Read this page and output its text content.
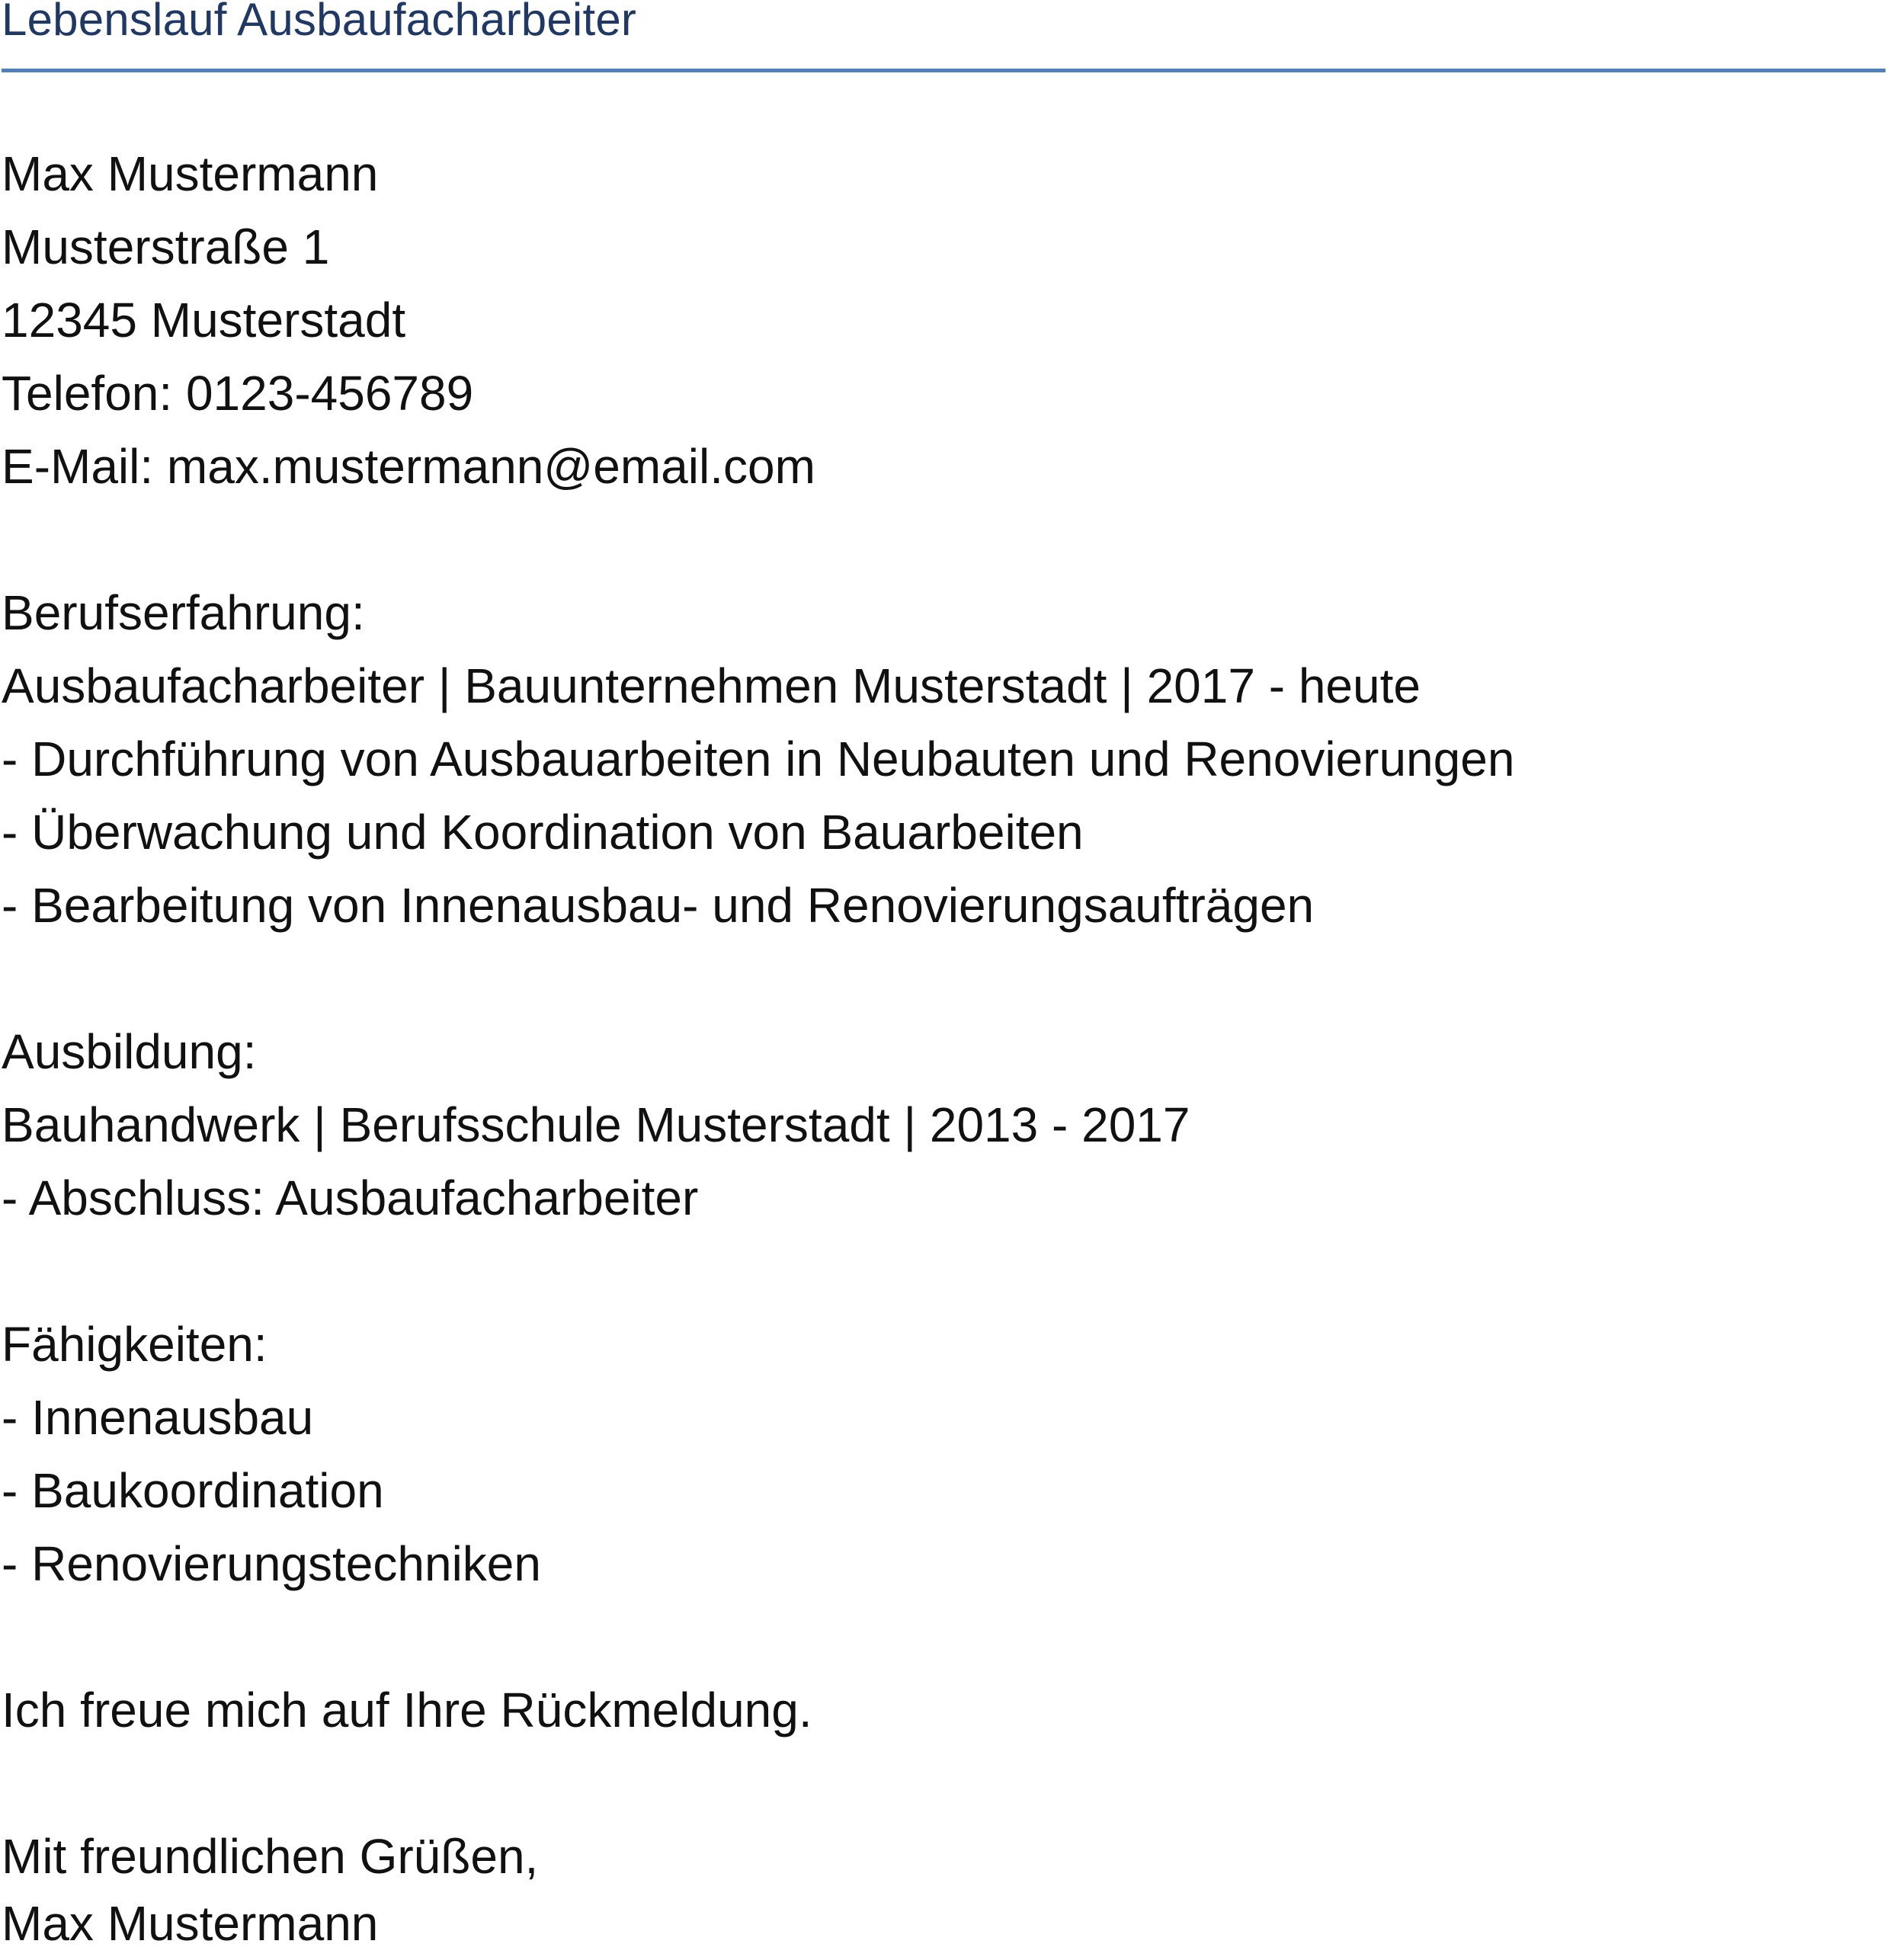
Lebenslauf Ausbaufacharbeiter
Max Mustermann
Musterstraße 1
12345 Musterstadt
Telefon: 0123-456789
E-Mail: max.mustermann@email.com
Berufserfahrung:
Ausbaufacharbeiter | Bauunternehmen Musterstadt | 2017 - heute
- Durchführung von Ausbauarbeiten in Neubauten und Renovierungen
- Überwachung und Koordination von Bauarbeiten
- Bearbeitung von Innenausbau- und Renovierungsaufträgen
Ausbildung:
Bauhandwerk | Berufsschule Musterstadt | 2013 - 2017
- Abschluss: Ausbaufacharbeiter
Fähigkeiten:
- Innenausbau
- Baukoordination
- Renovierungstechniken
Ich freue mich auf Ihre Rückmeldung.
Mit freundlichen Grüßen,
Max Mustermann
